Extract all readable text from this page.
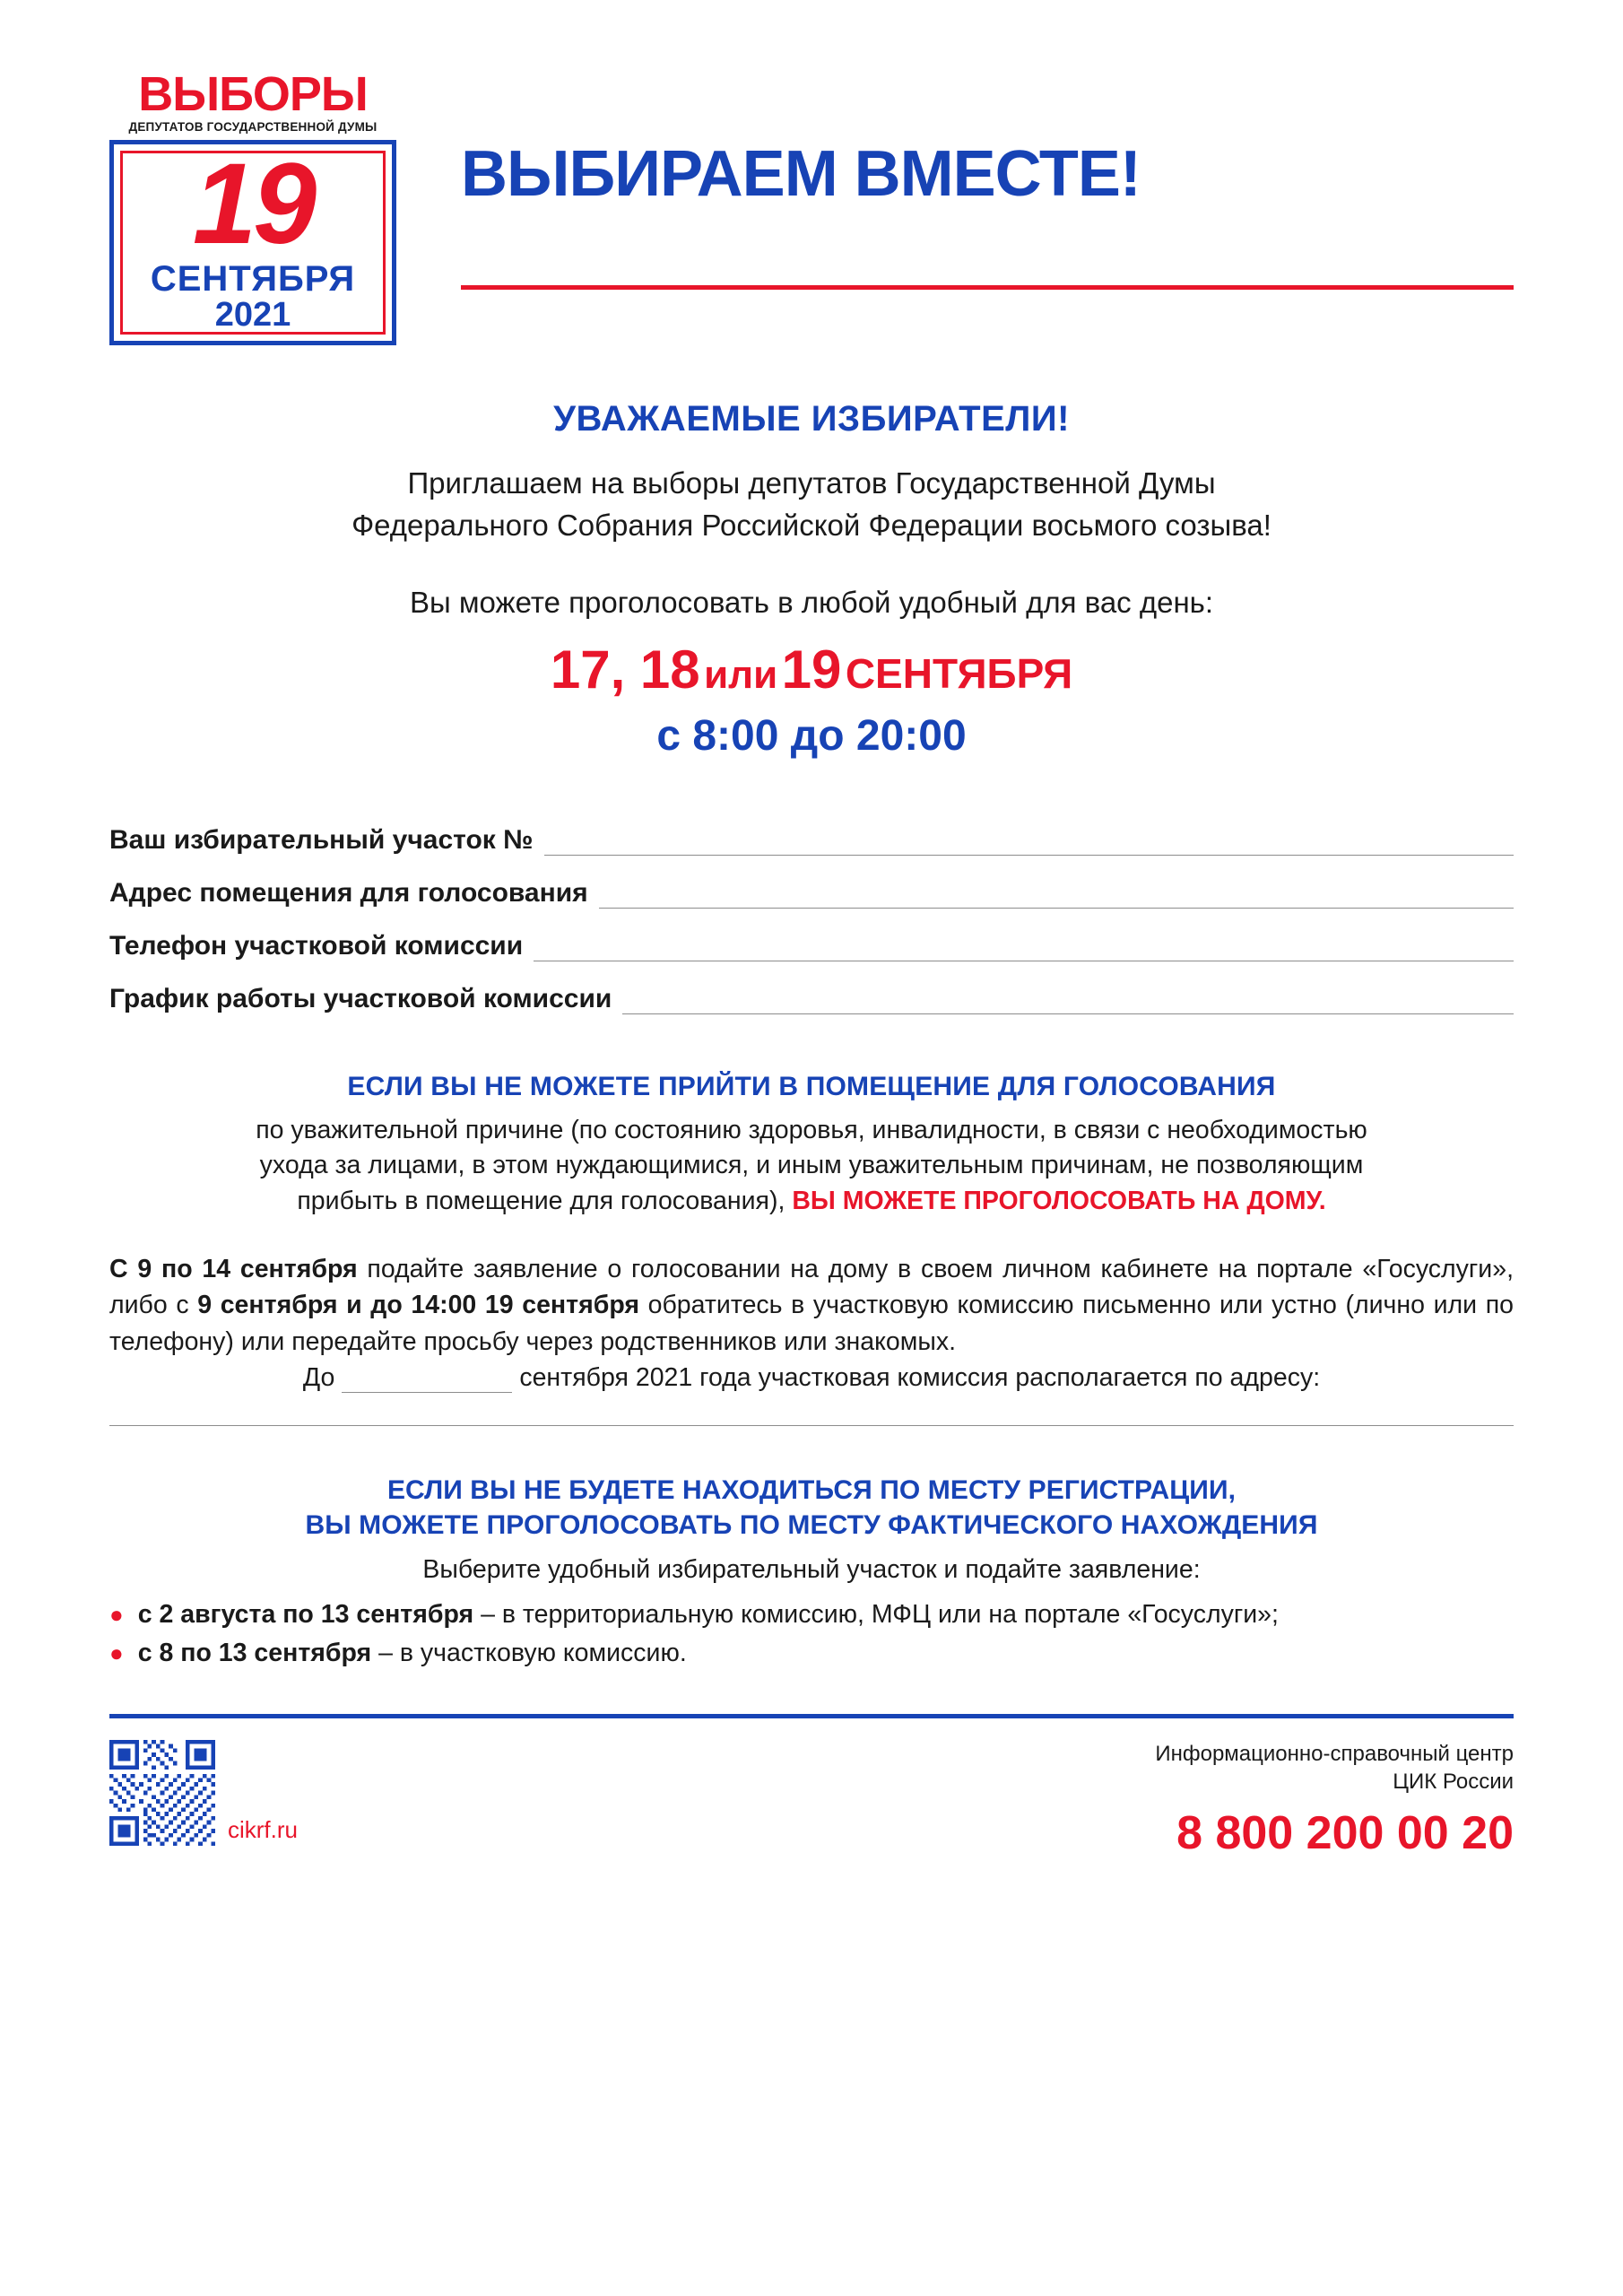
ВЫБОРЫ
ДЕПУТАТОВ ГОСУДАРСТВЕННОЙ ДУМЫ
19
СЕНТЯБРЯ
2021
ВЫБИРАЕМ ВМЕСТЕ!
УВАЖАЕМЫЕ ИЗБИРАТЕЛИ!
Приглашаем на выборы депутатов Государственной Думы
Федерального Собрания Российской Федерации восьмого созыва!
Вы можете проголосовать в любой удобный для вас день:
17, 18 или 19 СЕНТЯБРЯ
с 8:00 до 20:00
Ваш избирательный участок №
Адрес помещения для голосования
Телефон участковой комиссии
График работы участковой комиссии
ЕСЛИ ВЫ НЕ МОЖЕТЕ ПРИЙТИ В ПОМЕЩЕНИЕ ДЛЯ ГОЛОСОВАНИЯ
по уважительной причине (по состоянию здоровья, инвалидности, в связи с необходимостью
ухода за лицами, в этом нуждающимися, и иным уважительным причинам, не позволяющим
прибыть в помещение для голосования), ВЫ МОЖЕТЕ ПРОГОЛОСОВАТЬ НА ДОМУ.
С 9 по 14 сентября подайте заявление о голосовании на дому в своем личном кабинете на портале «Госуслуги», либо с 9 сентября и до 14:00 19 сентября обратитесь в участковую комиссию письменно или устно (лично или по телефону) или передайте просьбу через родственников или знакомых.
До	сентября 2021 года участковая комиссия располагается по адресу:
ЕСЛИ ВЫ НЕ БУДЕТЕ НАХОДИТЬСЯ ПО МЕСТУ РЕГИСТРАЦИИ,
ВЫ МОЖЕТЕ ПРОГОЛОСОВАТЬ ПО МЕСТУ ФАКТИЧЕСКОГО НАХОЖДЕНИЯ
Выберите удобный избирательный участок и подайте заявление:
● с 2 августа по 13 сентября – в территориальную комиссию, МФЦ или на портале «Госуслуги»;
● с 8 по 13 сентября – в участковую комиссию.
cikrf.ru
Информационно-справочный центр
ЦИК России
8 800 200 00 20
